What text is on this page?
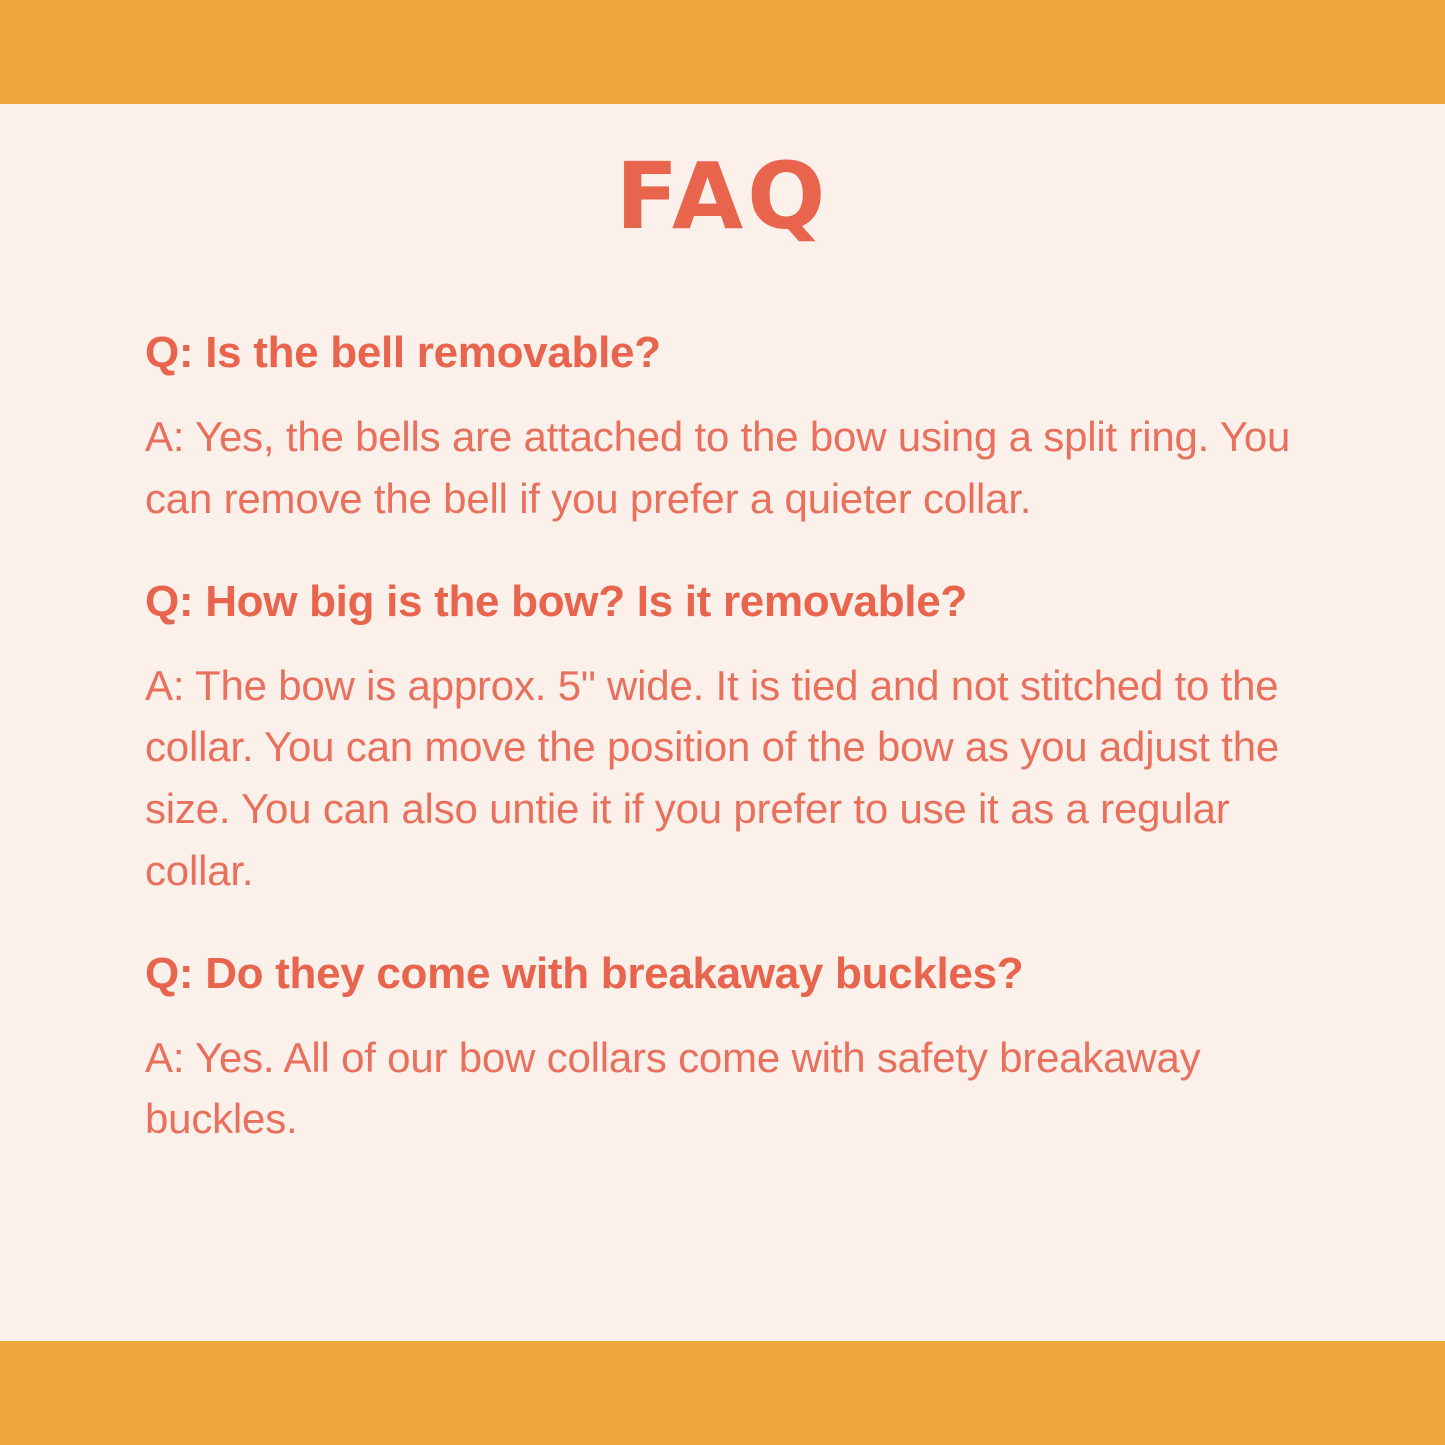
FAQ
Q: Is the bell removable?
A: Yes, the bells are attached to the bow using a split ring. You can remove the bell if you prefer a quieter collar.
Q: How big is the bow? Is it removable?
A: The bow is approx. 5" wide. It is tied and not stitched to the collar. You can move the position of the bow as you adjust the size. You can also untie it if you prefer to use it as a regular collar.
Q: Do they come with breakaway buckles?
A: Yes. All of our bow collars come with safety breakaway buckles.
